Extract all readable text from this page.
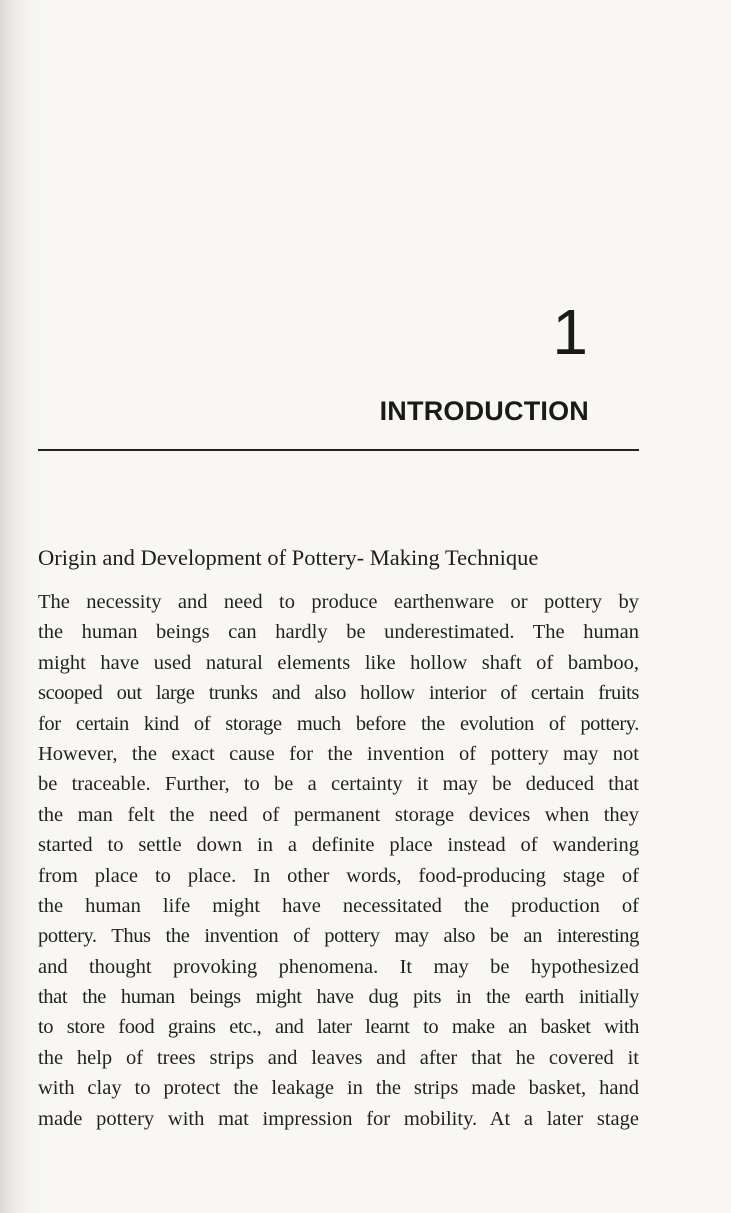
1
INTRODUCTION
Origin and Development of Pottery- Making Technique
The necessity and need to produce earthenware or pottery by
the human beings can hardly be underestimated. The human
might have used natural elements like hollow shaft of bamboo,
scooped out large trunks and also hollow interior of certain fruits
for certain kind of storage much before the evolution of pottery.
However, the exact cause for the invention of pottery may not
be traceable. Further, to be a certainty it may be deduced that
the man felt the need of permanent storage devices when they
started to settle down in a definite place instead of wandering
from place to place. In other words, food-producing stage of
the human life might have necessitated the production of
pottery. Thus the invention of pottery may also be an interesting
and thought provoking phenomena. It may be hypothesized
that the human beings might have dug pits in the earth initially
to store food grains etc., and later learnt to make an basket with
the help of trees strips and leaves and after that he covered it
with clay to protect the leakage in the strips made basket, hand
made pottery with mat impression for mobility. At a later stage
